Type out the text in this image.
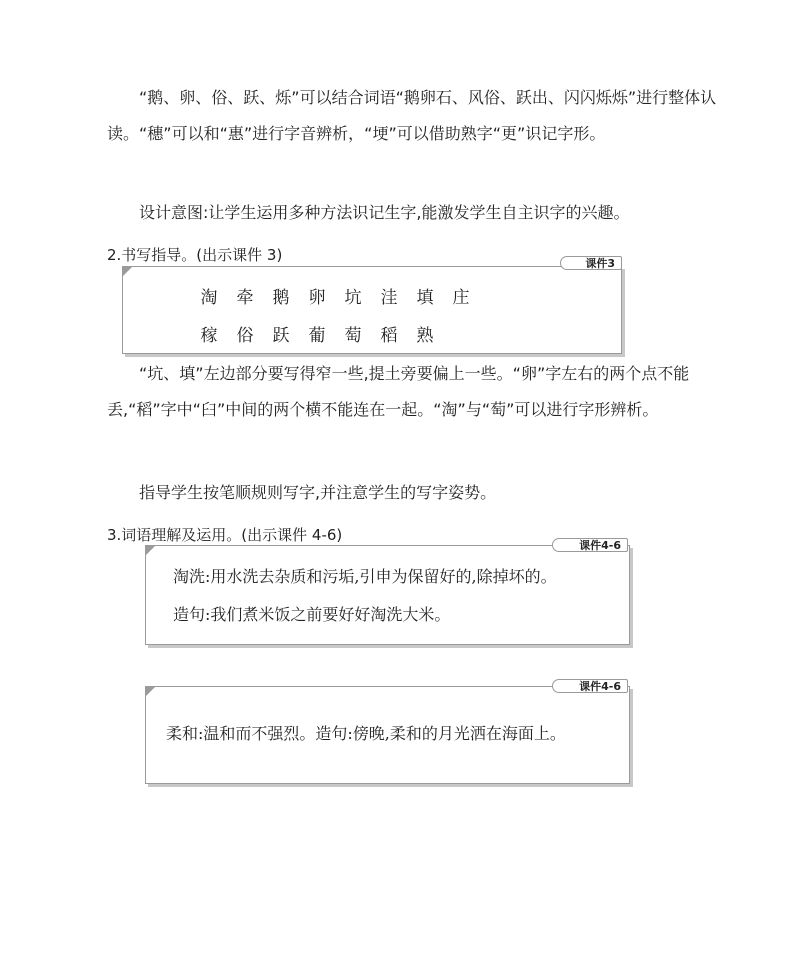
“鹅、卵、俗、跃、烁”可以结合词语“鹅卵石、风俗、跃出、闪闪烁烁”进行整体认读。“穗”可以和“惠”进行字音辨析，“埂”可以借助熟字“更”识记字形。

设计意图:让学生运用多种方法识记生字,能激发学生自主识字的兴趣。

2.书写指导。(出示课件 3)
淘 牵 鹅 卵 坑 洼 填 庄
稼 俗 跃 葡 萄 稻 熟
课件3

“坑、填”左边部分要写得窄一些,提土旁要偏上一些。“卵”字左右的两个点不能丢,“稻”字中“臼”中间的两个横不能连在一起。“淘”与“萄”可以进行字形辨析。

指导学生按笔顺规则写字,并注意学生的写字姿势。

3.词语理解及运用。(出示课件 4-6)
淘洗:用水洗去杂质和污垢,引申为保留好的,除掉坏的。
造句:我们煮米饭之前要好好淘洗大米。
课件4-6
柔和:温和而不强烈。造句:傍晚,柔和的月光洒在海面上。
课件4-6
